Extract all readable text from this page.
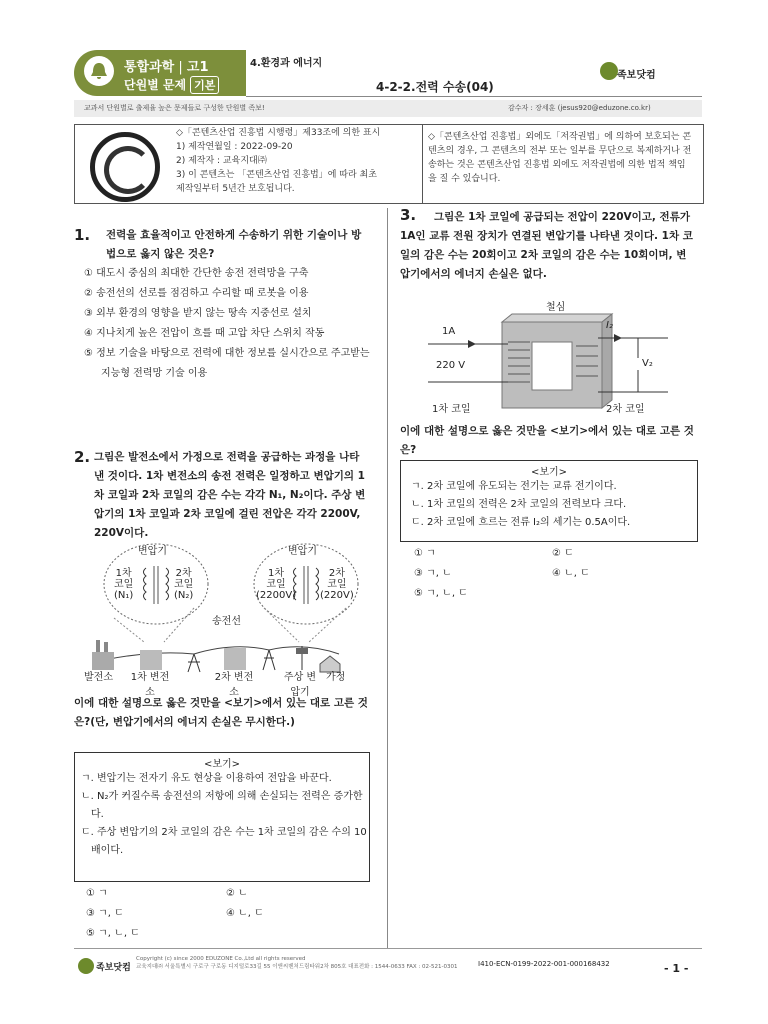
통합과학 | 고1
단원별 문제 기본
4.환경과 에너지
4-2-2.전력 수송(04)
족보닷컴
교과서 단원별로 출제율 높은 문제들로 구성한 단원별 족보!	감수자 : 장세훈 (jesus920@eduzone.co.kr)
◇「콘텐츠산업 진흥법 시행령」제33조에 의한 표시
1) 제작연월일 : 2022-09-20
2) 제작자 : 교육지대㈜
3) 이 콘텐츠는 「콘텐츠산업 진흥법」에 따라 최초
제작일부터 5년간 보호됩니다.
◇「콘텐츠산업 진흥법」외에도「저작권법」에 의하여 보호되는 콘텐츠의 경우, 그 콘텐츠의 전부 또는 일부를 무단으로 복제하거나 전송하는 것은 콘텐츠산업 진흥법 외에도 저작권법에 의한 법적 책임을 질 수 있습니다.
1. 전력을 효율적이고 안전하게 수송하기 위한 기술이나 방법으로 옳지 않은 것은?
① 대도시 중심의 최대한 간단한 송전 전력망을 구축
② 송전선의 선로를 점검하고 수리할 때 로봇을 이용
③ 외부 환경의 영향을 받지 않는 땅속 지중선로 설치
④ 지나치게 높은 전압이 흐를 때 고압 차단 스위치 작동
⑤ 정보 기술을 바탕으로 전력에 대한 정보를 실시간으로 주고받는 지능형 전력망 기술 이용
2. 그림은 발전소에서 가정으로 전력을 공급하는 과정을 나타낸 것이다. 1차 변전소의 송전 전력은 일정하고 변압기의 1차 코일과 2차 코일의 감은 수는 각각 N₁, N₂이다. 주상 변압기의 1차 코일과 2차 코일에 걸린 전압은 각각 2200V, 220V이다.
변압기
1차
코일
(N₁)
2차
코일
(N₂)
변압기
1차
코일
(2200V)
2차
코일
(220V)
송전선
발전소 1차 변전소
2차 변전소
주상 변압기
가정
이에 대한 설명으로 옳은 것만을 <보기>에서 있는 대로 고른 것은?(단, 변압기에서의 에너지 손실은 무시한다.)
<보기>
ㄱ. 변압기는 전자기 유도 현상을 이용하여 전압을 바꾼다.
ㄴ. N₂가 커질수록 송전선의 저항에 의해 손실되는 전력은 증가한다.
ㄷ. 주상 변압기의 2차 코일의 감은 수는 1차 코일의 감은 수의 10배이다.
① ㄱ	② ㄴ
③ ㄱ, ㄷ	④ ㄴ, ㄷ
⑤ ㄱ, ㄴ, ㄷ
3.	그림은 1차 코일에 공급되는 전압이 220V이고, 전류가 1A인 교류 전원 장치가 연결된 변압기를 나타낸 것이다. 1차 코일의 감은 수는 20회이고 2차 코일의 감은 수는 10회이며, 변압기에서의 에너지 손실은 없다.
철심
1A
220 V
I₂
V₂
1차 코일	2차 코일
이에 대한 설명으로 옳은 것만을 <보기>에서 있는 대로 고른 것은?
<보기>
ㄱ. 2차 코일에 유도되는 전기는 교류 전기이다.
ㄴ. 1차 코일의 전력은 2차 코일의 전력보다 크다.
ㄷ. 2차 코일에 흐르는 전류 I₂의 세기는 0.5A이다.
① ㄱ	② ㄷ
③ ㄱ, ㄴ	④ ㄴ, ㄷ
⑤ ㄱ, ㄴ, ㄷ
족보닷컴
Copyright (c) since 2000 EDUZONE Co.,Ltd all rights reserved
교육지대㈜ 서울특별시 구로구 구로동 디지털로33길 55 이앤씨벤처드림타워2차 805호 대표전화 : 1544-0633 FAX : 02-521-0301	I410-ECN-0199-2022-001-000168432	- 1 -
